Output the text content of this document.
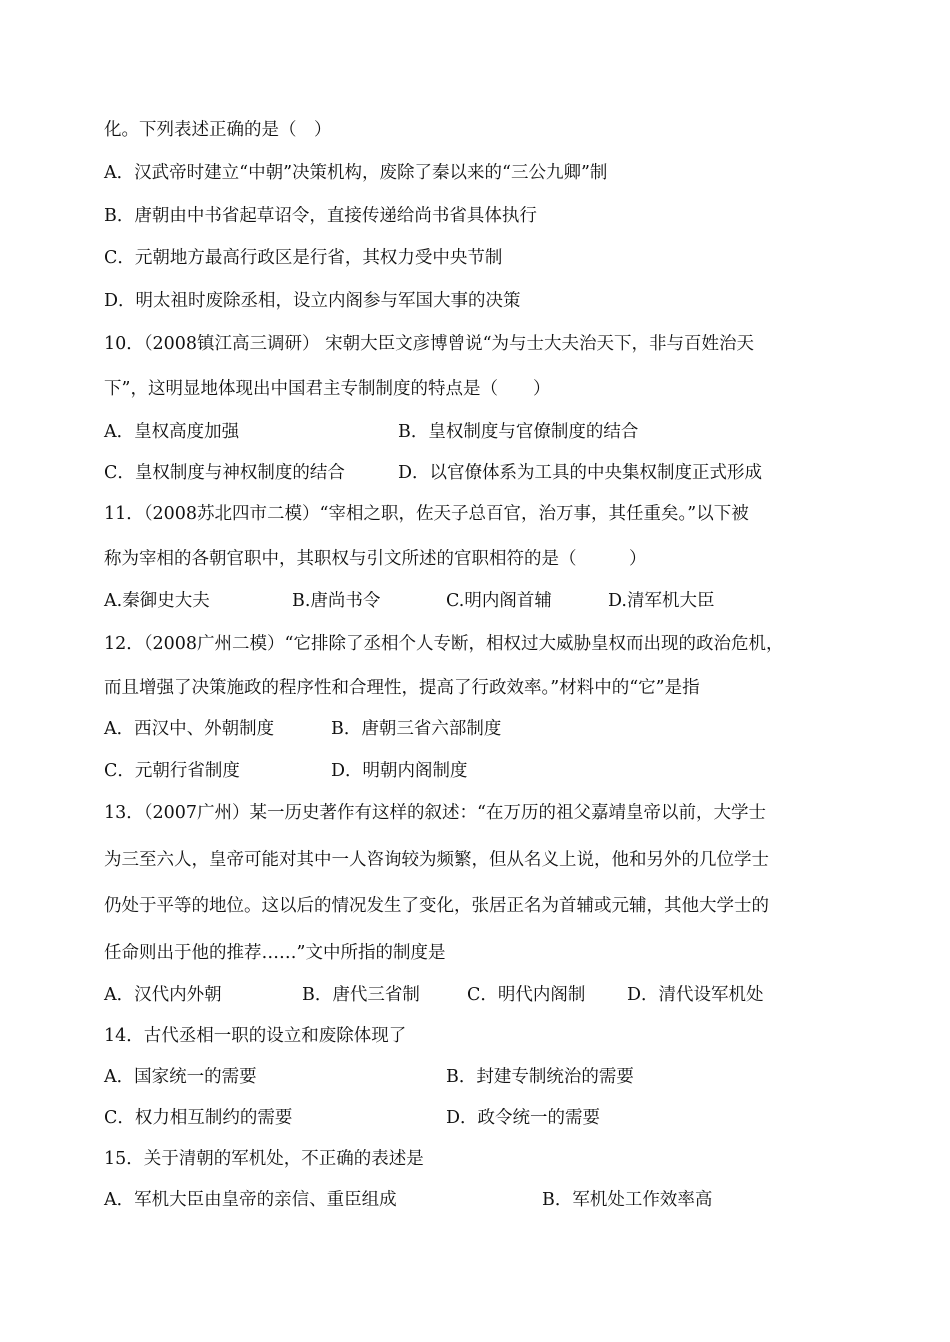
化。下列表述正确的是（　）
A．汉武帝时建立“中朝”决策机构，废除了秦以来的“三公九卿”制
B．唐朝由中书省起草诏令，直接传递给尚书省具体执行
C．元朝地方最高行政区是行省，其权力受中央节制
D．明太祖时废除丞相，设立内阁参与军国大事的决策
10．（2008镇江高三调研） 宋朝大臣文彦博曾说“为与士大夫治天下，非与百姓治天
下”，这明显地体现出中国君主专制制度的特点是（　　）
A．皇权高度加强	B．皇权制度与官僚制度的结合
C．皇权制度与神权制度的结合	D．以官僚体系为工具的中央集权制度正式形成
11．（2008苏北四市二模）“宰相之职，佐天子总百官，治万事，其任重矣。”以下被
称为宰相的各朝官职中，其职权与引文所述的官职相符的是（　　　）
A.秦御史大夫	B.唐尚书令	C.明内阁首辅	D.清军机大臣
12．（2008广州二模）“它排除了丞相个人专断，相权过大威胁皇权而出现的政治危机，
而且增强了决策施政的程序性和合理性，提高了行政效率。”材料中的“它”是指
A．西汉中、外朝制度	B．唐朝三省六部制度
C．元朝行省制度	D．明朝内阁制度
13．（2007广州）某一历史著作有这样的叙述：“在万历的祖父嘉靖皇帝以前，大学士
为三至六人，皇帝可能对其中一人咨询较为频繁，但从名义上说，他和另外的几位学士
仍处于平等的地位。这以后的情况发生了变化，张居正名为首辅或元辅，其他大学士的
任命则出于他的推荐……”文中所指的制度是
A．汉代内外朝	B．唐代三省制	C．明代内阁制 D．清代设军机处
14．古代丞相一职的设立和废除体现了
A．国家统一的需要	B．封建专制统治的需要
C．权力相互制约的需要	D．政令统一的需要
15．关于清朝的军机处，不正确的表述是
A．军机大臣由皇帝的亲信、重臣组成	B．军机处工作效率高
